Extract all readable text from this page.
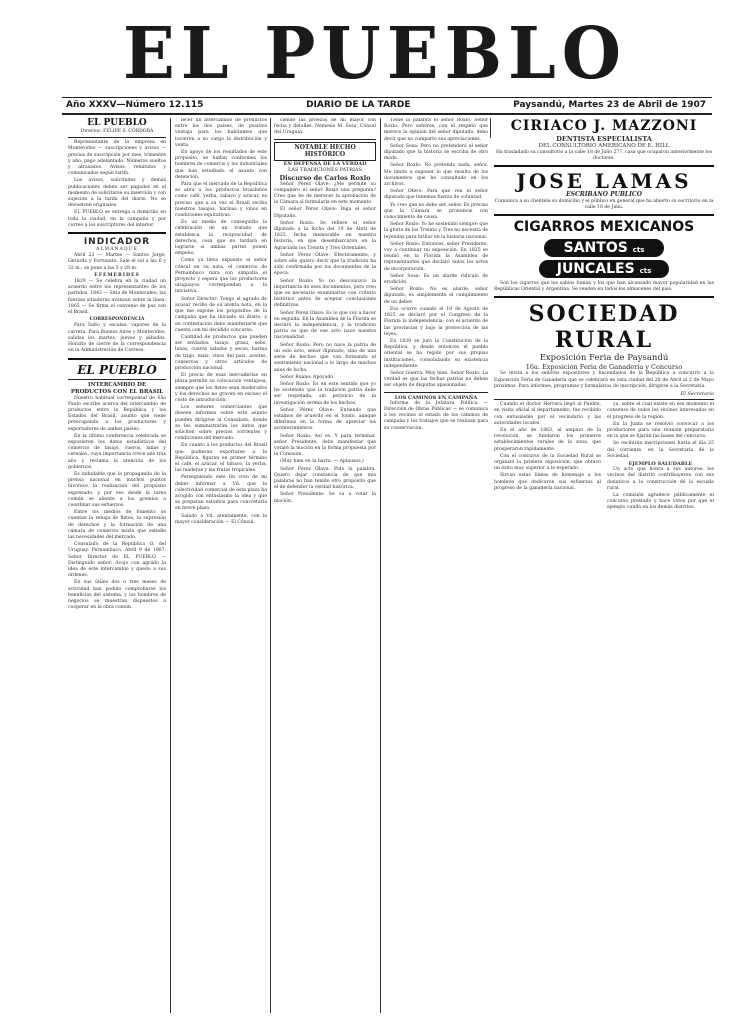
EL PUEBLO
Año XXXV—Número 12.115	DIARIO DE LA TARDE	Paysandú, Martes 23 de Abril de 1907
EL PUEBLO
Director: FELIPE S. CÓRDOBA

Representante de la empresa en Montevideo — suscripciones y avisos — precios de suscripción por mes, trimestre y año, pago adelantado. Números sueltos y atrasados. Avisos, remitidos y comunicados según tarifa.

Los avisos, solicitudes y demás publicaciones deben ser pagados en el momento de solicitarse su inserción y con sujeción a la tarifa del diario. No se devuelven originales.

EL PUEBLO se entrega a domicilio en toda la ciudad, en la campaña y por correo a los suscriptores del interior.

INDICADOR
ALMANAQUE

Abril 23 — Martes — Santos Jorge, Gerardo y Fortunato. Sale el sol a las 6 y 32 m.; se pone a las 5 y 28 m.

EFEMÉRIDES

1829 — Se celebra en la ciudad un acuerdo entre los representantes de los partidos. 1843 — Sitio de Montevideo; las fuerzas sitiadoras avanzan sobre la línea. 1865 — Se firma el convenio de paz con el Brasil.

CORRESPONDENCIA

Para Salto y escalas: vapores de la carrera. Para Buenos Aires y Montevideo, salidas los martes, jueves y sábados. Horario de cierre de la correspondencia en la Administración de Correos.

EL PUEBLO
INTERCAMBIO DE PRODUCTOS CON EL BRASIL

Nuestro habitual corresponsal de São Paulo escribe acerca del intercambio de productos entre la República y los Estados del Brasil, asunto que viene preocupando a los productores y exportadores de ambos países.

En la última conferencia celebrada se expusieron los datos estadísticos del comercio de tasajo, cueros, lanas y cereales, cuya importancia crece año tras año y reclama la atención de los gobiernos.

Es indudable que la propaganda de la prensa nacional en muchos puntos favorece la realización del propósito expresado, y por eso desde la tarea común se aliente a los gremios a coordinar sus esfuerzos.

Entre los medios de fomento se cuentan la rebaja de fletes, la supresión de derechos y la formación de una cámara de comercio mixta que estudie las necesidades del mercado.

Consulado de la República O. del Uruguay. Pernambuco, Abril 9 de 1907. Señor Director de EL PUEBLO — Distinguido señor: Acojo con agrado la idea de este intercambio y quedo a sus órdenes.

En sus útiles dos o tres meses de actividad han podido comprobarse los beneficios del sistema, y los hombres de negocios se muestran dispuestos a cooperar en la obra común.

lecer un intercambio de productos entre los dos países, de positiva ventaja para los habitantes que tuvieren a su cargo la distribución y venta.

En apoyo de los resultados de este propósito, se hallan conformes los hombres de comercio y los industriales que han estudiado el asunto con detención.

Para que el mercado de la República se abra a los productos brasileños como café, yerba, tabaco y azúcar, es preciso que a su vez el Brasil reciba nuestros tasajos, harinas y vinos en condiciones equitativas.

Es un medio de conseguirlo la celebración de un tratado que establezca la reciprocidad de derechos, cosa que no tardará en lograrse si ambas partes ponen empeño.

Como ya lleva expuesto el señor cónsul en su nota, el comercio de Pernambuco mira con simpatía el proyecto y espera que los productores uruguayos correspondan a la iniciativa.

Señor Director: Tengo el agrado de acusar recibo de su atenta nota, en la que me expone los propósitos de la campaña que ha iniciado su diario, y en contestación debo manifestarle que cuenta con mi decidido concurso.

Cantidad de productos que pueden ser enviados: tasajo, grasa, sebo, lanas, cueros salados y secos, harina de trigo, maíz, vinos del país, aceites, conservas y otros artículos de producción nacional.

El precio de esas mercaderías en plaza permite su colocación ventajosa, siempre que los fletes sean moderados y los derechos no graven en exceso el costo de introducción.

Los señores comerciantes que deseen informes sobre este asunto pueden dirigirse al Consulado, donde se les suministrarán los datos que soliciten sobre precios corrientes y condiciones del mercado.

En cuanto a los productos del Brasil que pudieran exportarse a la República, figuran en primer término el café, el azúcar, el tabaco, la yerba, las maderas y las frutas tropicales.

Perseguiendo este fin creo de mi deber informar a Vd. que la colectividad comercial de esta plaza ha acogido con entusiasmo la idea y que se preparan estudios para concretarla en breve plazo.

Saludo a Vd. atentamente, con la mayor consideración — El Cónsul.

ciendo las proezas de mi mayor con fecha y detalles. Nemesio M. Sosa, Cónsul del Uruguay.

NOTABLE HECHO HISTÓRICO
EN DEFENSA DE LA VERDAD
LAS TRADICIONES PATRIAS
Discurso de Carlos Roxlo

Señor Pérez Olave: ¿Me permite su compañero el señor Roxlo una pregunta? Creo que he de merecer la aprobación de la Cámara al formularla en este momento.

El señor Pérez Olave: Diga el señor Diputado.

Señor Roxlo: Se refiere el señor diputado a la fecha del 19 de Abril de 1825, fecha memorable en nuestra historia, en que desembarcaron en la Agraciada los Treinta y Tres Orientales.

Señor Pérez Olave: Efectivamente, y sobre ello quiero decir que la tradición ha sido confirmada por los documentos de la época.

Señor Roxlo: Yo no desconozco la importancia de esos documentos, pero creo que es necesario examinarlos con criterio histórico antes de aceptar conclusiones definitivas.

Señor Pérez Olave: Es lo que voy a hacer en seguida. En la Asamblea de la Florida se declaró la independencia, y la tradición patria es que de ese acto nace nuestra nacionalidad.

Señor Roxlo: Pero no nace la patria de un solo acto, señor diputado, sino de una serie de hechos que van formando el sentimiento nacional a lo largo de muchos años de lucha.

Señor Ruano: Apoyado.

Señor Roxlo: Es en este sentido que yo he sostenido que la tradición patria debe ser respetada, sin perjuicio de la investigación serena de los hechos.

Señor Pérez Olave: Entiendo que estamos de acuerdo en el fondo, aunque diferimos en la forma de apreciar los acontecimientos.

Señor Roxlo: Así es. Y para terminar, señor Presidente, debo manifestar que votaré la moción en la forma propuesta por la Comisión.

(Muy bien en la barra. — Aplausos.)

Señor Pérez Olave: Pido la palabra. Quiero dejar constancia de que mis palabras no han tenido otro propósito que el de defender la verdad histórica.

Señor Presidente: Se va a votar la moción.

Tiene la palabra el señor Roxlo. Señor Roxlo: Pero señores, con el respeto que merece la opinión del señor diputado, debo decir que no comparto sus apreciaciones.

Señor Sosa: Pero no pretenderá el señor diputado que la historia se escriba de otro modo.

Señor Roxlo: No pretendo nada, señor. Me limito a exponer lo que resulta de los documentos que he consultado en los archivos.

Señor Otero: Para que vea el señor diputado que tenemos fuerza de voluntad.

Yo creo que no debe ser, señor. Es preciso que la Cámara se pronuncie con conocimiento de causa.

Señor Roxlo: Yo he sostenido siempre que la gloria de los Treinta y Tres no necesita de leyendas para brillar en la historia nacional.

Señor Roxlo: Entonces, señor Presidente, voy a continuar mi exposición. En 1825 se reunió en la Florida la Asamblea de representantes que declaró nulos los actos de incorporación.

Señor Sosa: Es un alarde ridículo de erudición.

Señor Roxlo: No es alarde, señor diputado, es simplemente el cumplimiento de un deber.

Eso ocurre cuando el 19 de Agosto de 1825 se declaró por el Congreso de la Florida la independencia; con el acuerdo de las provincias y bajo la protección de las leyes.

En 1830 se juró la Constitución de la República, y desde entonces el pueblo oriental se ha regido por sus propias instituciones, consolidando su existencia independiente.

Señor Guerra: Muy bien. Señor Roxlo: La verdad es que las fechas patrias no deben ser objeto de disputas apasionadas.

LOS CAMINOS EN CAMPAÑA

Informe de la Jefatura Política — Dirección de Obras Públicas — se comunica a los vecinos el estado de los caminos de campaña y los trabajos que se realizan para su conservación.

CIRIACO J. MAZZONI
DENTISTA ESPECIALISTA
DEL CONSULTORIO AMERICANO DE E. HILL

Ha trasladado su consultorio a la calle 18 de Julio 277, casa que ocuparon anteriormente los doctores.

JOSE LAMAS
ESCRIBANO PUBLICO

Comunica a su clientela su domicilio y el público en general que ha abierto su escritorio en la calle 18 de Julio.

CIGARROS MEXICANOS
SANTOS cts
JUNCALES cts

Son los cigarros que los sabios fuman y los que han alcanzado mayor popularidad en las Repúblicas Oriental y Argentina. Se venden en todos los almacenes del país.

SOCIEDAD RURAL
Exposición Feria de Paysandú
16a. Exposición Feria de Ganadería y Concurso

Se invita a los señores expositores y hacendados de la República a concurrir a la Exposición Feria de Ganadería que se celebrará en esta ciudad del 28 de Abril al 2 de Mayo próximos. Para informes, programas y formularios de inscripción, dirigirse a la Secretaría.

El Secretario

Cuando el doctor Herrera llegó al Pueblo, en visita oficial al departamento, fue recibido con entusiasmo por el vecindario y las autoridades locales.

En el año de 1863, al amparo de la revolución, se fundaron los primeros establecimientos rurales de la zona, que prosperaron rápidamente.

Con el concurso de la Sociedad Rural se organizó la primera exposición, que obtuvo un éxito muy superior a lo esperado.

Sirvan estas líneas de homenaje a los hombres que dedicaron sus esfuerzos al progreso de la ganadería nacional.

ya, sobre el cual existe en ese momento el consenso de todos los vecinos interesados en el progreso de la región.

En la Junta se resolvió convocar a los productores para una reunión preparatoria en la que se fijarán las bases del concurso.

Se recibirán inscripciones hasta el día 25 del corriente, en la Secretaría de la Sociedad.

EJEMPLO SALUDABLE

Un acto que honra a sus autores: los vecinos del distrito contribuyeron con sus donativos a la construcción de la escuela rural.

La comisión agradece públicamente el concurso prestado y hace votos por que el ejemplo cunda en los demás distritos.
